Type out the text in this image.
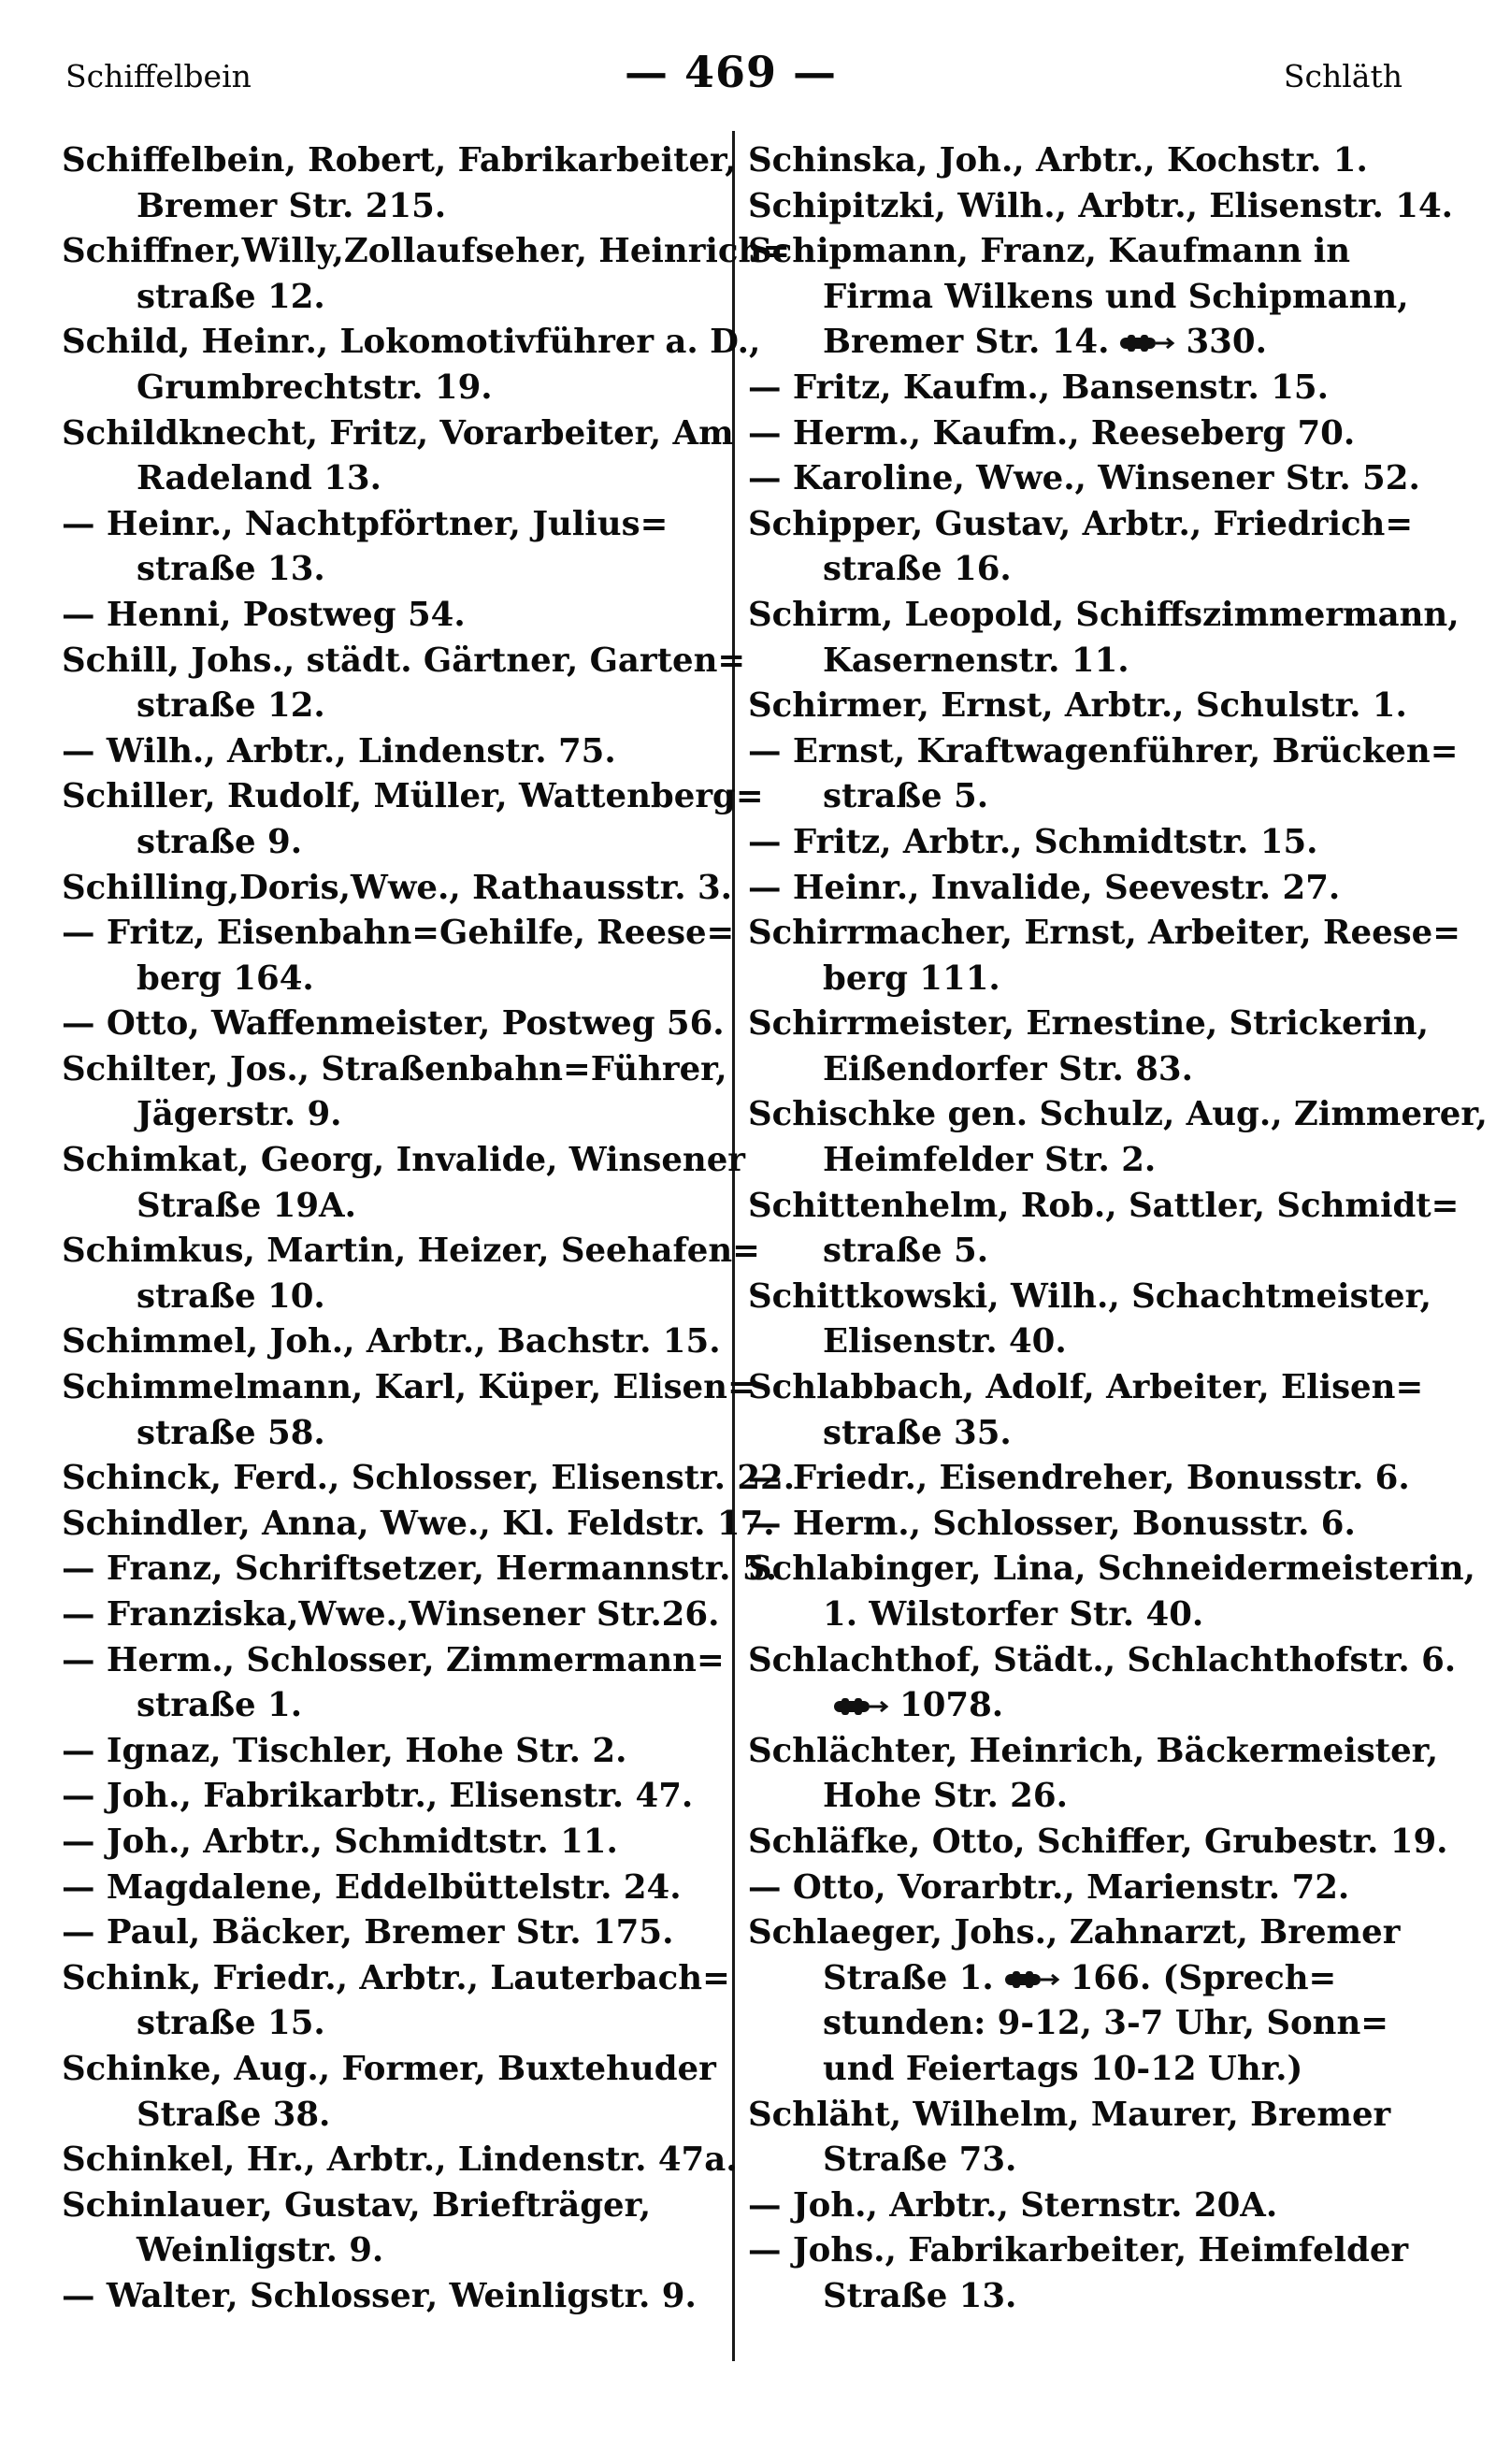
Schiffelbein	— 469 —	Schläth
Schiffelbein, Robert, Fabrikarbeiter,
Bremer Str. 215.
Schiffner,Willy,Zollaufseher, Heinrich=
straße 12.
Schild, Heinr., Lokomotivführer a. D.,
Grumbrechtstr. 19.
Schildknecht, Fritz, Vorarbeiter, Am
Radeland 13.
— Heinr., Nachtpförtner, Julius=
straße 13.
— Henni, Postweg 54.
Schill, Johs., städt. Gärtner, Garten=
straße 12.
— Wilh., Arbtr., Lindenstr. 75.
Schiller, Rudolf, Müller, Wattenberg=
straße 9.
Schilling,Doris,Wwe., Rathausstr. 3.
— Fritz, Eisenbahn=Gehilfe, Reese=
berg 164.
— Otto, Waffenmeister, Postweg 56.
Schilter, Jos., Straßenbahn=Führer,
Jägerstr. 9.
Schimkat, Georg, Invalide, Winsener
Straße 19A.
Schimkus, Martin, Heizer, Seehafen=
straße 10.
Schimmel, Joh., Arbtr., Bachstr. 15.
Schimmelmann, Karl, Küper, Elisen=
straße 58.
Schinck, Ferd., Schlosser, Elisenstr. 22.
Schindler, Anna, Wwe., Kl. Feldstr. 17.
— Franz, Schriftsetzer, Hermannstr. 5.
— Franziska,Wwe.,Winsener Str.26.
— Herm., Schlosser, Zimmermann=
straße 1.
— Ignaz, Tischler, Hohe Str. 2.
— Joh., Fabrikarbtr., Elisenstr. 47.
— Joh., Arbtr., Schmidtstr. 11.
— Magdalene, Eddelbüttelstr. 24.
— Paul, Bäcker, Bremer Str. 175.
Schink, Friedr., Arbtr., Lauterbach=
straße 15.
Schinke, Aug., Former, Buxtehuder
Straße 38.
Schinkel, Hr., Arbtr., Lindenstr. 47a.
Schinlauer, Gustav, Briefträger,
Weinligstr. 9.
— Walter, Schlosser, Weinligstr. 9.
Schinska, Joh., Arbtr., Kochstr. 1.
Schipitzki, Wilh., Arbtr., Elisenstr. 14.
Schipmann, Franz, Kaufmann in
Firma Wilkens und Schipmann,
Bremer Str. 14. 330.
— Fritz, Kaufm., Bansenstr. 15.
— Herm., Kaufm., Reeseberg 70.
— Karoline, Wwe., Winsener Str. 52.
Schipper, Gustav, Arbtr., Friedrich=
straße 16.
Schirm, Leopold, Schiffszimmermann,
Kasernenstr. 11.
Schirmer, Ernst, Arbtr., Schulstr. 1.
— Ernst, Kraftwagenführer, Brücken=
straße 5.
— Fritz, Arbtr., Schmidtstr. 15.
— Heinr., Invalide, Seevestr. 27.
Schirrmacher, Ernst, Arbeiter, Reese=
berg 111.
Schirrmeister, Ernestine, Strickerin,
Eißendorfer Str. 83.
Schischke gen. Schulz, Aug., Zimmerer,
Heimfelder Str. 2.
Schittenhelm, Rob., Sattler, Schmidt=
straße 5.
Schittkowski, Wilh., Schachtmeister,
Elisenstr. 40.
Schlabbach, Adolf, Arbeiter, Elisen=
straße 35.
— Friedr., Eisendreher, Bonusstr. 6.
— Herm., Schlosser, Bonusstr. 6.
Schlabinger, Lina, Schneidermeisterin,
1. Wilstorfer Str. 40.
Schlachthof, Städt., Schlachthofstr. 6.
1078.
Schlächter, Heinrich, Bäckermeister,
Hohe Str. 26.
Schläfke, Otto, Schiffer, Grubestr. 19.
— Otto, Vorarbtr., Marienstr. 72.
Schlaeger, Johs., Zahnarzt, Bremer
Straße 1. 166. (Sprech=
stunden: 9-12, 3-7 Uhr, Sonn=
und Feiertags 10-12 Uhr.)
Schläht, Wilhelm, Maurer, Bremer
Straße 73.
— Joh., Arbtr., Sternstr. 20A.
— Johs., Fabrikarbeiter, Heimfelder
Straße 13.
